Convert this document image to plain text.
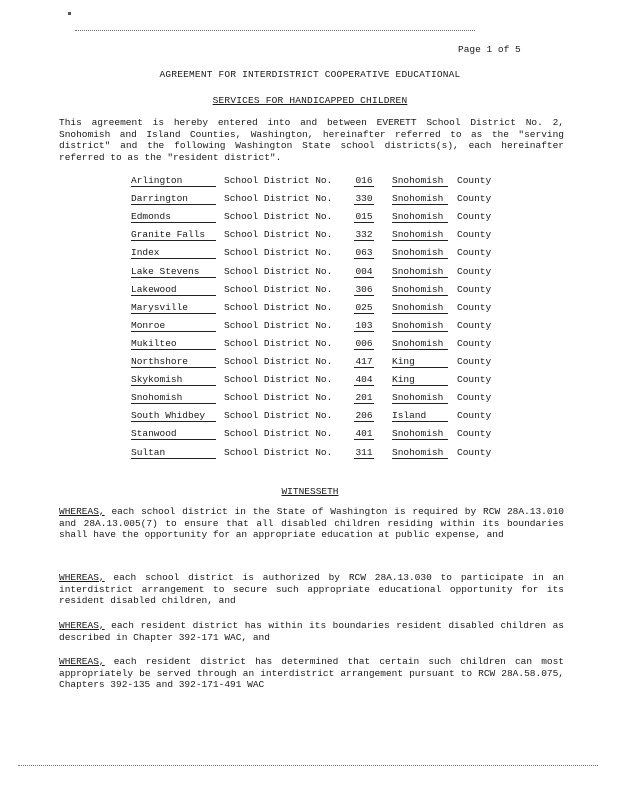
Page 1 of 5
AGREEMENT FOR INTERDISTRICT COOPERATIVE EDUCATIONAL
SERVICES FOR HANDICAPPED CHILDREN
This agreement is hereby entered into and between EVERETT School District No. 2, Snohomish and Island Counties, Washington, hereinafter referred to as the "serving district" and the following Washington State school districts(s), each hereinafter referred to as the "resident district".
Arlington	School District No. 016 Snohomish	County
Darrington	School District No. 330 Snohomish	County
Edmonds	School District No. 015 Snohomish	County
Granite Falls	School District No. 332 Snohomish	County
Index	School District No. 063 Snohomish	County
Lake Stevens	School District No. 004 Snohomish	County
Lakewood	School District No. 306 Snohomish	County
Marysville	School District No. 025 Snohomish	County
Monroe	School District No. 103 Snohomish	County
Mukilteo	School District No. 006 Snohomish	County
Northshore	School District No. 417 King	County
Skykomish	School District No. 404 King	County
Snohomish	School District No. 201 Snohomish	County
South Whidbey	School District No. 206 Island	County
Stanwood	School District No. 401 Snohomish	County
Sultan	School District No. 311 Snohomish	County
WITNESSETH
WHEREAS, each school district in the State of Washington is required by RCW 28A.13.010 and 28A.13.005(7) to ensure that all disabled children residing within its boundaries shall have the opportunity for an appropriate education at public expense, and
WHEREAS, each school district is authorized by RCW 28A.13.030 to participate in an interdistrict arrangement to secure such appropriate educational opportunity for its resident disabled children, and
WHEREAS, each resident district has within its boundaries resident disabled children as described in Chapter 392-171 WAC, and
WHEREAS, each resident district has determined that certain such children can most appropriately be served through an interdistrict arrangement pursuant to RCW 28A.58.075, Chapters 392-135 and 392-171-491 WAC
